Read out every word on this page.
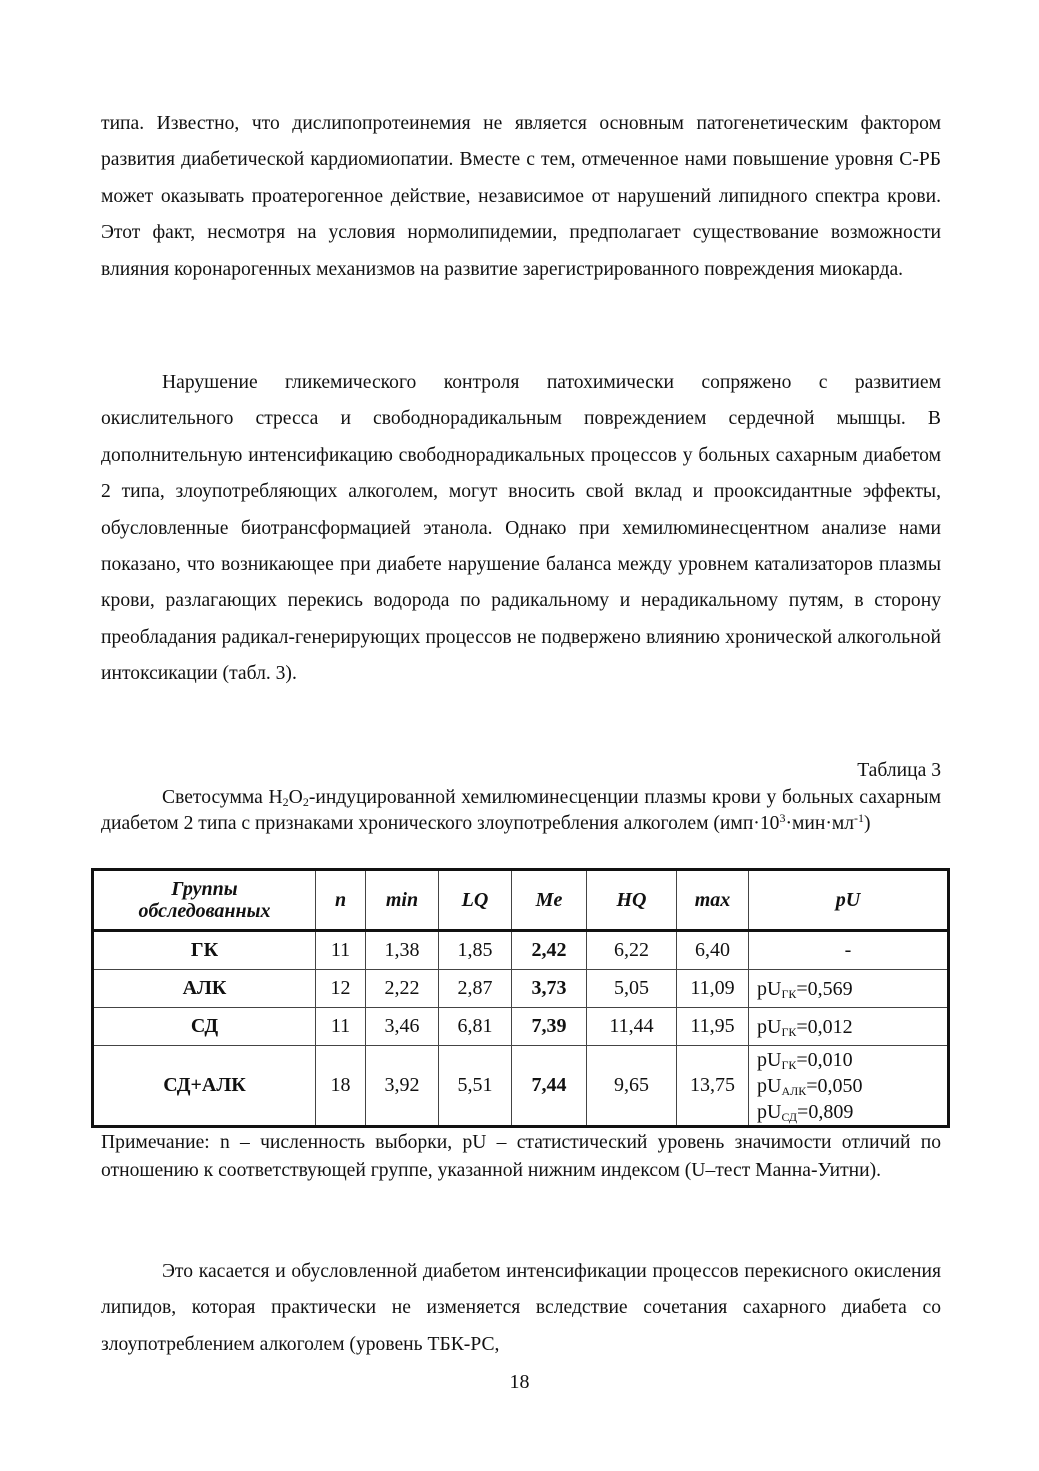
типа. Известно, что дислипопротеинемия не является основным патогенетическим фактором развития диабетической кардиомиопатии. Вместе с тем, отмеченное нами повышение уровня С-РБ может оказывать проатерогенное действие, независимое от нарушений липидного спектра крови. Этот факт, несмотря на условия нормолипидемии, предполагает существование возможности влияния коронарогенных механизмов на развитие зарегистрированного повреждения миокарда.

Нарушение гликемического контроля патохимически сопряжено с развитием окислительного стресса и свободнорадикальным повреждением сердечной мышцы. В дополнительную интенсификацию свободнорадикальных процессов у больных сахарным диабетом 2 типа, злоупотребляющих алкоголем, могут вносить свой вклад и прооксидантные эффекты, обусловленные биотрансформацией этанола. Однако при хемилюминесцентном анализе нами показано, что возникающее при диабете нарушение баланса между уровнем катализаторов плазмы крови, разлагающих перекись водорода по радикальному и нерадикальному путям, в сторону преобладания радикал-генерирующих процессов не подвержено влиянию хронической алкогольной интоксикации (табл. 3).

Таблица 3
Светосумма $H_2O_2$-индуцированной хемилюминесценции плазмы крови у больных сахарным диабетом 2 типа с признаками хронического злоупотребления алкоголем $(имп\cdot 10^3\cdot мин\cdot мл^{-1})$
Группы
обследованных	n	min	LQ	Me	HQ	max	pU
ГК	11	1,38	1,85	2,42	6,22	6,40	-
АЛК	12	2,22	2,87	3,73	5,05	11,09	$pU_{ГК}=0,569$
СД	11	3,46	6,81	7,39	11,44	11,95	$pU_{ГК}=0,012$
СД+АЛК	18	3,92	5,51	7,44	9,65	13,75	$pU_{ГК}=0,010$
$pU_{АЛК}=0,050$
$pU_{СД}=0,809$
Примечание: n – численность выборки, pU – статистический уровень значимости отличий по отношению к соответствующей группе, указанной нижним индексом (U–тест Манна-Уитни).

Это касается и обусловленной диабетом интенсификации процессов перекисного окисления липидов, которая практически не изменяется вследствие сочетания сахарного диабета со злоупотреблением алкоголем (уровень ТБК-РС,

18
